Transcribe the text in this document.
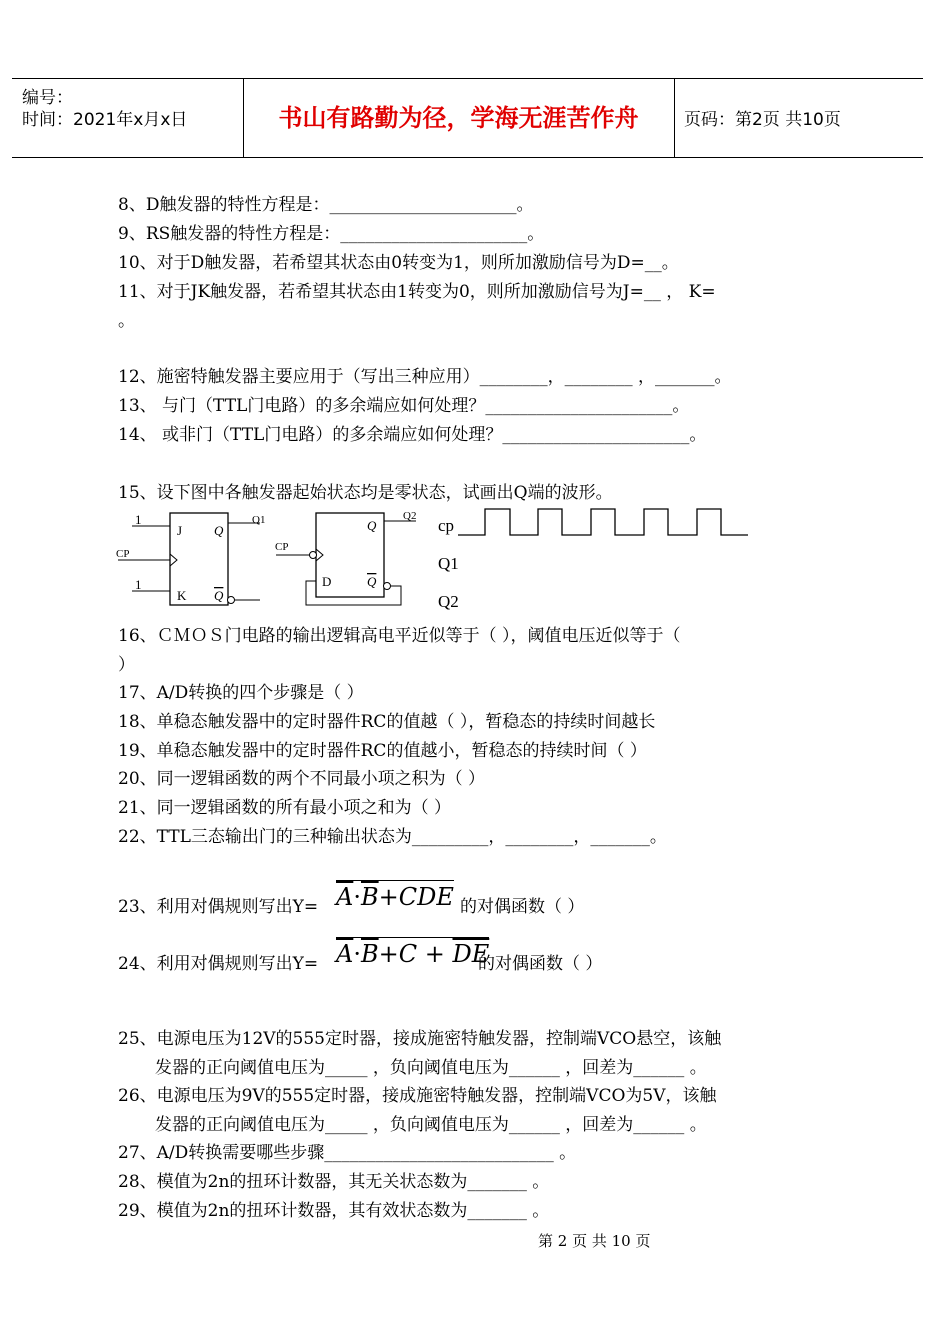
编号：
时间：2021年x月x日	书山有路勤为径，学海无涯苦作舟	页码：第2页 共10页
8、D触发器的特性方程是：______________________。
9、RS触发器的特性方程是：______________________。
10、对于D触发器，若希望其状态由0转变为1，则所加激励信号为D=__。
11、对于JK触发器，若希望其状态由1转变为0，则所加激励信号为J=__ ， K=
。
12、施密特触发器主要应用于（写出三种应用）________，________ ，_______。
13、 与门（TTL门电路）的多余端应如何处理？______________________。
14、 或非门（TTL门电路）的多余端应如何处理？______________________。
15、设下图中各触发器起始状态均是零状态，试画出Q端的波形。
1
1
CP
J
K
Q
Q
Q1
CP
D
Q
Q
Q2 cp
Q1
Q2
16、ＣＭＯＳ门电路的输出逻辑高电平近似等于（ ），阈值电压近似等于（
）
17、A/D转换的四个步骤是（ ）
18、单稳态触发器中的定时器件RC的值越（ ），暂稳态的持续时间越长
19、单稳态触发器中的定时器件RC的值越小，暂稳态的持续时间（ ）
20、同一逻辑函数的两个不同最小项之积为（ ）
21、同一逻辑函数的所有最小项之和为（ ）
22、TTL三态输出门的三种输出状态为_________，________，_______。
23、利用对偶规则写出$Y= \overline{A}\cdot\overline{B}+CDE$ 的对偶函数（ ）
24、利用对偶规则写出$Y= \overline{A}\cdot\overline{B}+C + \overline{DE}$
的对偶函数（ ）
25、电源电压为12V的555定时器，接成施密特触发器，控制端VCO悬空，该触
发器的正向阈值电压为_____ ，负向阈值电压为______ ，回差为______ 。
26、电源电压为9V的555定时器，接成施密特触发器，控制端VCO为5V，该触
发器的正向阈值电压为_____ ，负向阈值电压为______ ，回差为______ 。
27、A/D转换需要哪些步骤___________________________ 。
28、模值为2n的扭环计数器，其无关状态数为_______ 。
29、模值为2n的扭环计数器，其有效状态数为_______ 。
第 2 页 共 10 页
